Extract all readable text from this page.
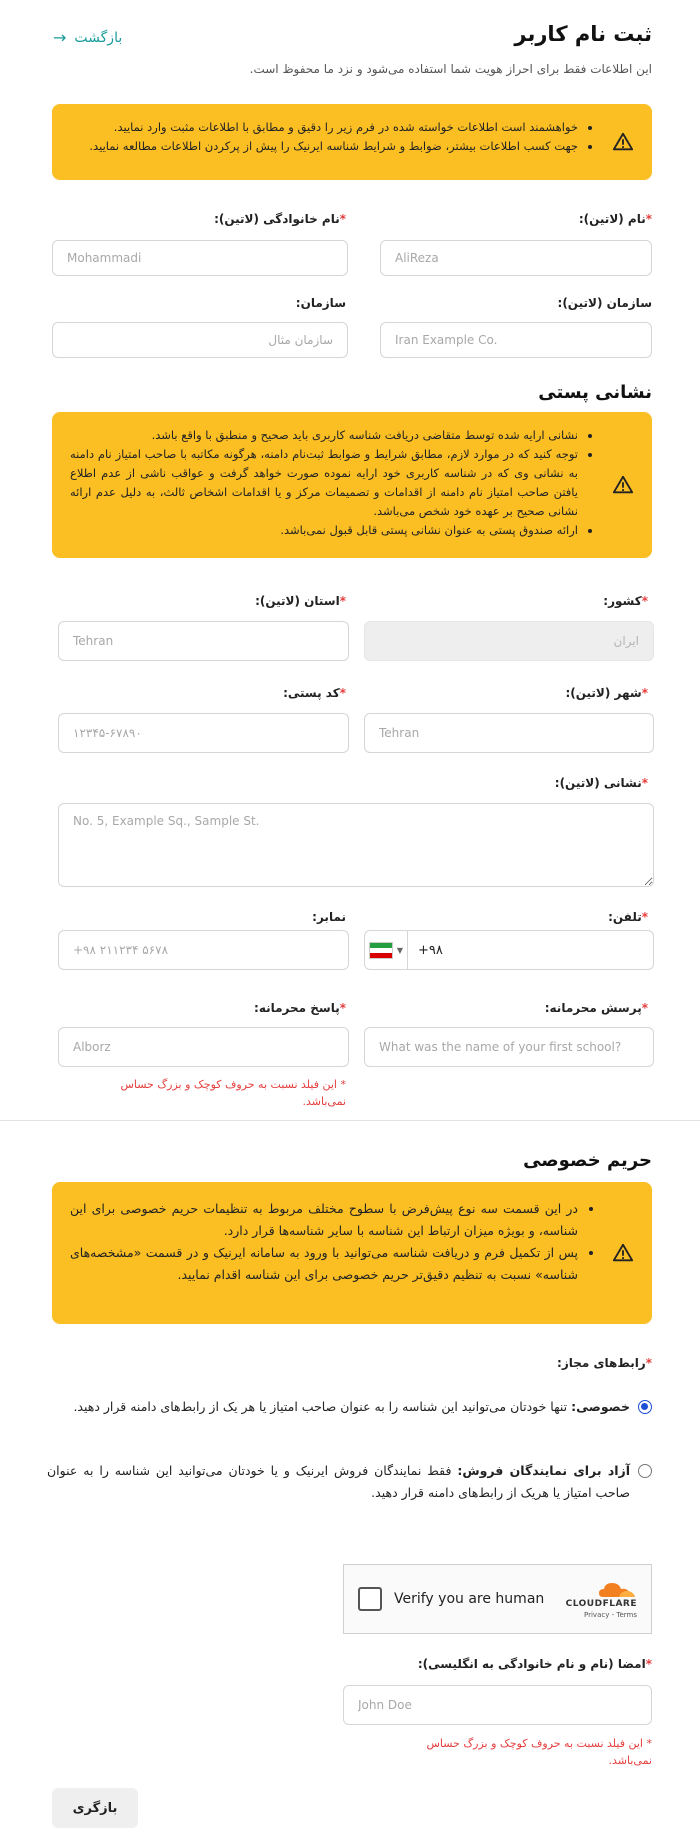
ثبت نام کاربر
این اطلاعات فقط برای احراز هویت شما استفاده می‌شود و نزد ما محفوظ است.
بازگشت
→
• خواهشمند است اطلاعات خواسته شده در فرم زیر را دقیق و مطابق با اطلاعات مثبت وارد نمایید.
• جهت کسب اطلاعات بیشتر، ضوابط و شرایط شناسه ایرنیک را پیش از پرکردن اطلاعات مطالعه نمایید.
*نام (لاتین):
*نام خانوادگی (لاتین):
AliReza
Mohammadi
سازمان (لاتین):
سازمان:
Iran Example Co.
سازمان مثال
نشانی پستی
• نشانی ارایه شده توسط متقاضی دریافت شناسه کاربری باید صحیح و منطبق با واقع باشد.
• توجه کنید که در موارد لازم، مطابق شرایط و ضوابط ثبت‌نام دامنه، هرگونه مکاتبه با صاحب امتیاز نام دامنه به نشانی وی که در شناسه کاربری خود ارایه نموده صورت خواهد گرفت و عواقب ناشی از عدم اطلاع یافتن صاحب امتیاز نام دامنه از اقدامات و تصمیمات مرکز و یا اقدامات اشخاص ثالث، به دلیل عدم ارائه نشانی صحیح بر عهده خود شخص می‌باشد.
• ارائه صندوق پستی به عنوان نشانی پستی قابل قبول نمی‌باشد.
*کشور:
*استان (لاتین):
ایران
Tehran
*شهر (لاتین):
*کد پستی:
Tehran
۱۲۳۴۵-۶۷۸۹۰
*نشانی (لاتین):
No. 5, Example Sq., Sample St.
*تلفن:
نمابر:
▼
+۹۸
+۹۸ ۲۱۱۲۳۴ ۵۶۷۸
*پرسش محرمانه:
*پاسخ محرمانه:
What was the name of your first school?
Alborz
* این فیلد نسبت به حروف کوچک و بزرگ حساس نمی‌باشد.
حریم خصوصی
• در این قسمت سه نوع پیش‌فرض با سطوح مختلف مربوط به تنظیمات حریم خصوصی برای این شناسه، و بویژه میزان ارتباط این شناسه با سایر شناسه‌ها قرار دارد.
• پس از تکمیل فرم و دریافت شناسه می‌توانید با ورود به سامانه ایرنیک و در قسمت «مشخصه‌های شناسه» نسبت به تنظیم دقیق‌تر حریم خصوصی برای این شناسه اقدام نمایید.
*رابط‌های مجاز:
خصوصی: تنها خودتان می‌توانید این شناسه را به عنوان صاحب امتیاز یا هر یک از رابط‌های دامنه قرار دهید.
آزاد برای نمایندگان فروش: فقط نمایندگان فروش ایرنیک و یا خودتان می‌توانید این شناسه را به عنوان صاحب امتیاز یا هریک از رابط‌های دامنه قرار دهید.
Verify you are human CLOUDFLARE
Privacy - Terms
*امضا (نام و نام خانوادگی به انگلیسی):
John Doe
* این فیلد نسبت به حروف کوچک و بزرگ حساس نمی‌باشد.
بازگری
